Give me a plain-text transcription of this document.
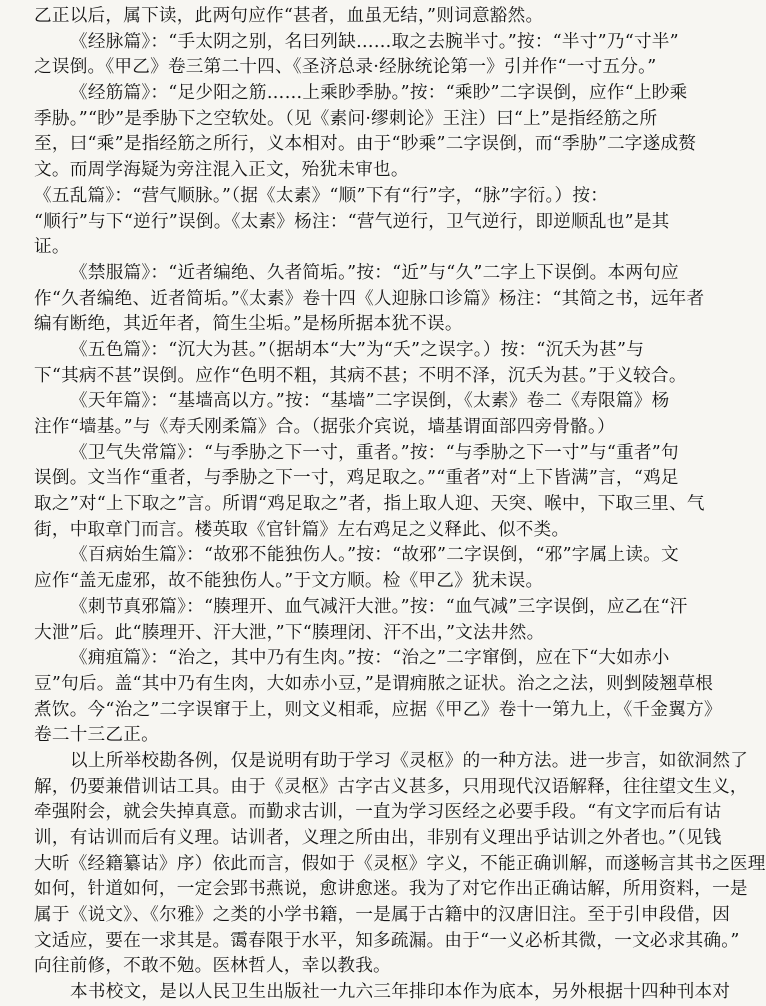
乙正以后，属下读，此两句应作“甚者，血虽无结，”则词意豁然。
《经脉篇》：“手太阴之别，名曰列缺……取之去腕半寸。”按：“半寸”乃“寸半”
之误倒。《甲乙》卷三第二十四、《圣济总录·经脉统论第一》引并作“一寸五分。”
《经筋篇》：“足少阳之筋……上乘眇季胁。”按：“乘眇”二字误倒，应作“上眇乘
季胁。”“眇”是季胁下之空软处。（见《素问·缪刺论》王注）曰“上”是指经筋之所
至，曰“乘”是指经筋之所行，义本相对。由于“眇乘”二字误倒，而“季胁”二字遂成赘
文。而周学海疑为旁注混入正文，殆犹未审也。
《五乱篇》：“营气顺脉。”（据《太素》“顺”下有“行”字，“脉”字衍。）按：
“顺行”与下“逆行”误倒。《太素》杨注：“营气逆行，卫气逆行，即逆顺乱也”是其
证。
《禁服篇》：“近者编绝、久者简垢。”按：“近”与“久”二字上下误倒。本两句应
作“久者编绝、近者简垢。”《太素》卷十四《人迎脉口诊篇》杨注：“其简之书，远年者
编有断绝，其近年者，简生尘垢。”是杨所据本犹不误。
《五色篇》：“沉大为甚。”（据胡本“大”为“夭”之误字。）按：“沉夭为甚”与
下“其病不甚”误倒。应作“色明不粗，其病不甚；不明不泽，沉夭为甚。”于义较合。
《天年篇》：“基墙高以方。”按：“基墙”二字误倒，《太素》卷二《寿限篇》杨
注作“墙基。”与《寿夭刚柔篇》合。（据张介宾说，墙基谓面部四旁骨骼。）
《卫气失常篇》：“与季胁之下一寸，重者。”按：“与季胁之下一寸”与“重者”句
误倒。文当作“重者，与季胁之下一寸，鸡足取之。”“重者”对“上下皆满”言，“鸡足
取之”对“上下取之”言。所谓“鸡足取之”者，指上取人迎、天突、喉中，下取三里、气
街，中取章门而言。楼英取《官针篇》左右鸡足之义释此、似不类。
《百病始生篇》：“故邪不能独伤人。”按：“故邪”二字误倒，“邪”字属上读。文
应作“盖无虚邪，故不能独伤人。”于文方顺。检《甲乙》犹未误。
《刺节真邪篇》：“腠理开、血气减汗大泄。”按：“血气减”三字误倒，应乙在“汗
大泄”后。此“腠理开、汗大泄，”下“腠理闭、汗不出，”文法井然。
《痈疽篇》：“治之，其中乃有生肉。”按：“治之”二字窜倒，应在下“大如赤小
豆”句后。盖“其中乃有生肉，大如赤小豆，”是谓痈脓之证状。治之之法，则剉陵翘草根
煮饮。今“治之”二字误窜于上，则文义相乖，应据《甲乙》卷十一第九上，《千金翼方》
卷二十三乙正。
以上所举校勘各例，仅是说明有助于学习《灵枢》的一种方法。进一步言，如欲洞然了
解，仍要兼借训诂工具。由于《灵枢》古字古义甚多，只用现代汉语解释，往往望文生义，
牵强附会，就会失掉真意。而勤求古训，一直为学习医经之必要手段。“有文字而后有诂
训，有诂训而后有义理。诂训者，义理之所由出，非别有义理出乎诂训之外者也。”（见钱
大昕《经籍纂诂》序）依此而言，假如于《灵枢》字义，不能正确训解，而遂畅言其书之医理
如何，针道如何，一定会郢书燕说，愈讲愈迷。我为了对它作出正确诂解，所用资料，一是
属于《说文》、《尔雅》之类的小学书籍，一是属于古籍中的汉唐旧注。至于引申段借，因
文适应，要在一求其是。霭春限于水平，知多疏漏。由于“一义必析其微，一文必求其确。”
向往前修，不敢不勉。医林哲人，幸以教我。
本书校文，是以人民卫生出版社一九六三年排印本作为底本，另外根据十四种刊本对
